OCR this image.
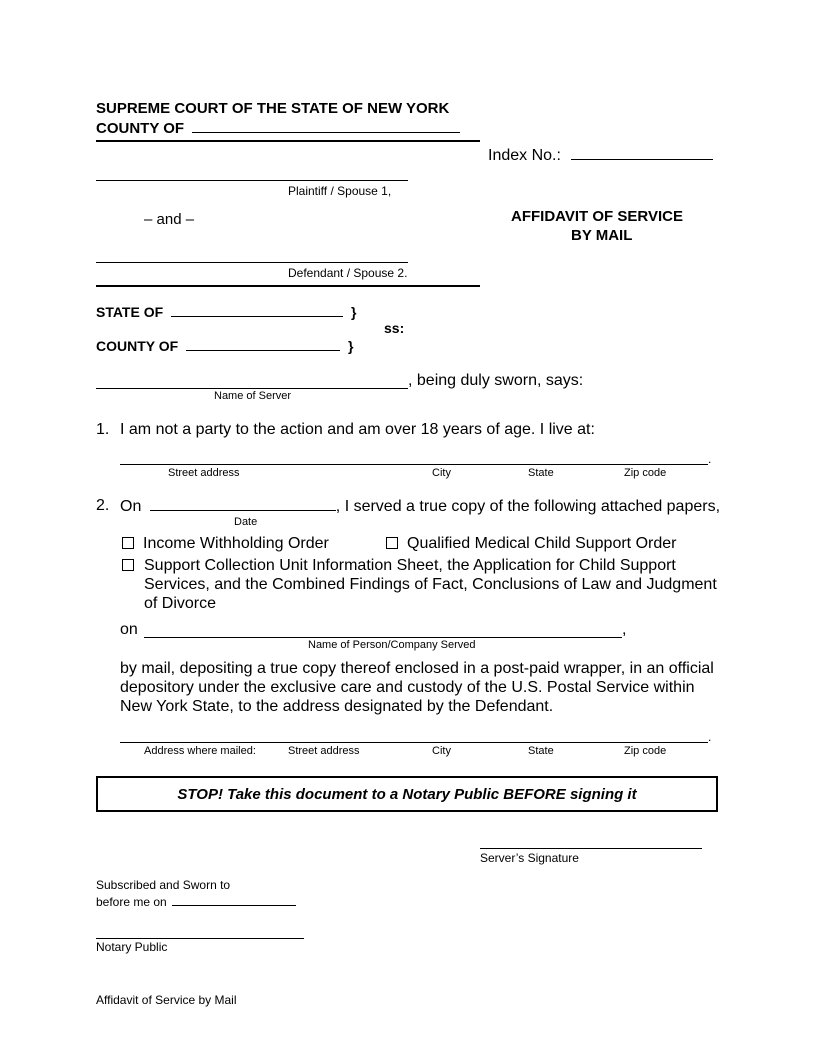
SUPREME COURT OF THE STATE OF NEW YORK
COUNTY OF
Index No.:
Plaintiff / Spouse 1,
– and –	AFFIDAVIT OF SERVICE
BY MAIL
Defendant / Spouse 2.
STATE OF	}
ss:
COUNTY OF	}
, being duly sworn, says:
Name of Server
1. I am not a party to the action and am over 18 years of age. I live at:
.
Street address	City	State	Zip code
2. On	, I served a true copy of the following attached papers,
Date
Income Withholding Order	Qualified Medical Child Support Order
Support Collection Unit Information Sheet, the Application for Child Support Services, and the Combined Findings of Fact, Conclusions of Law and Judgment of Divorce
on	,
Name of Person/Company Served
by mail, depositing a true copy thereof enclosed in a post-paid wrapper, in an official depository under the exclusive care and custody of the U.S. Postal Service within New York State, to the address designated by the Defendant.
.
Address where mailed:	Street address	City	State	Zip code
STOP! Take this document to a Notary Public BEFORE signing it
Server’s Signature
Subscribed and Sworn to
before me on
Notary Public
Affidavit of Service by Mail
